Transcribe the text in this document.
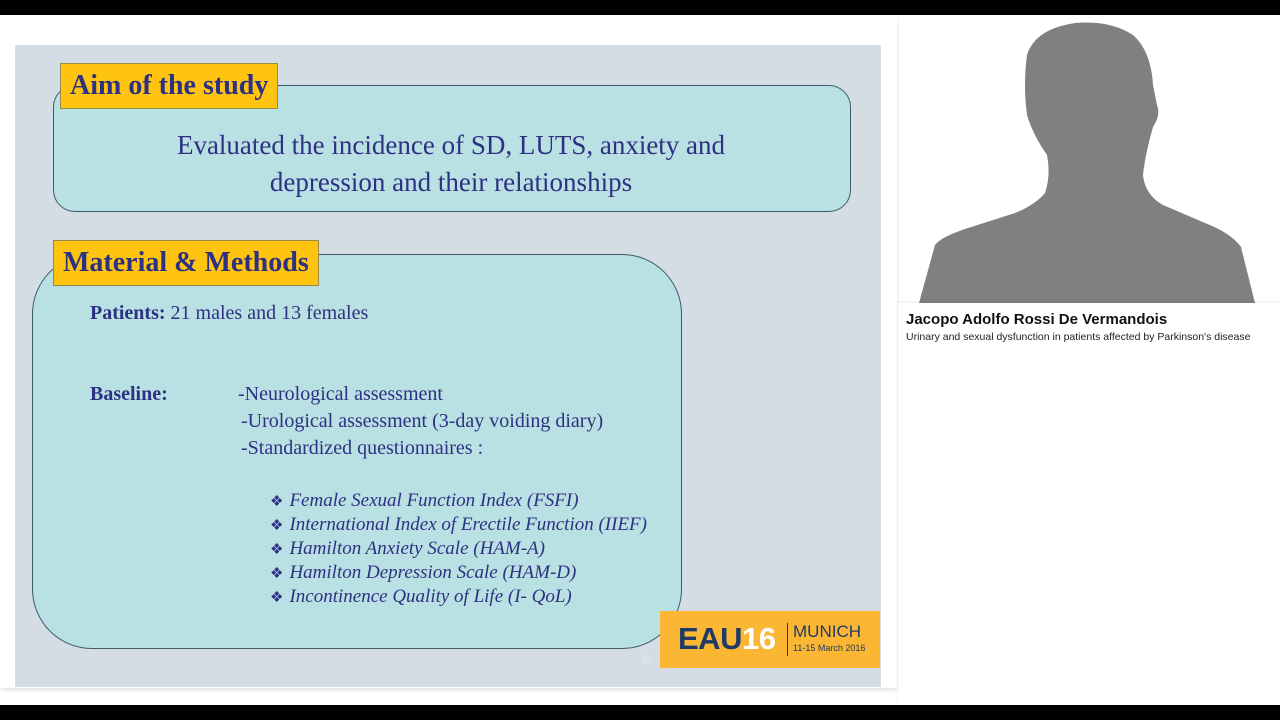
Aim of the study
Evaluated the incidence of SD, LUTS, anxiety and
depression and their relationships
Material & Methods
Patients: 21 males and 13 females
Baseline:	-Neurological assessment
-Urological assessment (3-day voiding diary)
-Standardized questionnaires :
❖ Female Sexual Function Index (FSFI)
❖ International Index of Erectile Function (IIEF)
❖ Hamilton Anxiety Scale (HAM-A)
❖ Hamilton Depression Scale (HAM-D)
❖ Incontinence Quality of Life (I- QoL)
©
EAU16 MUNICH
11-15 March 2016
Jacopo Adolfo Rossi De Vermandois
Urinary and sexual dysfunction in patients affected by Parkinson's disease
